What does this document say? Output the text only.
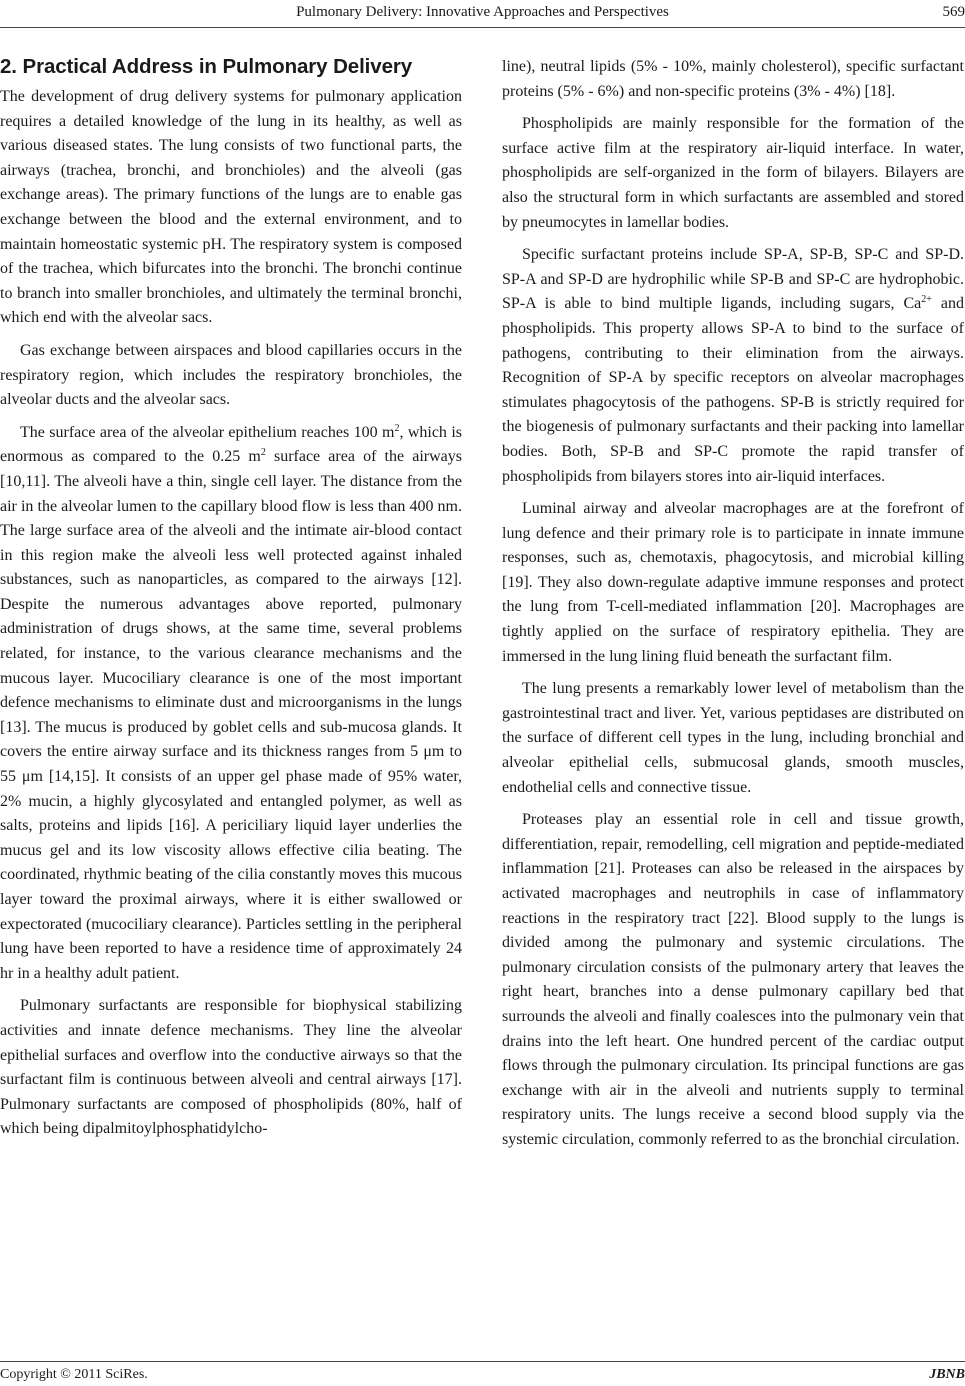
Pulmonary Delivery: Innovative Approaches and Perspectives	569
2. Practical Address in Pulmonary Delivery

The development of drug delivery systems for pulmonary application requires a detailed knowledge of the lung in its healthy, as well as various diseased states. The lung consists of two functional parts, the airways (trachea, bronchi, and bronchioles) and the alveoli (gas exchange areas). The primary functions of the lungs are to enable gas exchange between the blood and the external environment, and to maintain homeostatic systemic pH. The respiratory system is composed of the trachea, which bifurcates into the bronchi. The bronchi continue to branch into smaller bronchioles, and ultimately the terminal bronchi, which end with the alveolar sacs.

Gas exchange between airspaces and blood capillaries occurs in the respiratory region, which includes the respiratory bronchioles, the alveolar ducts and the alveolar sacs.

The surface area of the alveolar epithelium reaches 100 $m^2$, which is enormous as compared to the 0.25 $m^2$ surface area of the airways [10,11]. The alveoli have a thin, single cell layer. The distance from the air in the alveolar lumen to the capillary blood flow is less than 400 nm. The large surface area of the alveoli and the intimate air-blood contact in this region make the alveoli less well protected against inhaled substances, such as nanoparticles, as compared to the airways [12]. Despite the numerous advantages above reported, pulmonary administration of drugs shows, at the same time, several problems related, for instance, to the various clearance mechanisms and the mucous layer. Mucociliary clearance is one of the most important defence mechanisms to eliminate dust and microorganisms in the lungs [13]. The mucus is produced by goblet cells and sub-mucosa glands. It covers the entire airway surface and its thickness ranges from 5 μm to 55 μm [14,15]. It consists of an upper gel phase made of 95% water, 2% mucin, a highly glycosylated and entangled polymer, as well as salts, proteins and lipids [16]. A periciliary liquid layer underlies the mucus gel and its low viscosity allows effective cilia beating. The coordinated, rhythmic beating of the cilia constantly moves this mucous layer toward the proximal airways, where it is either swallowed or expectorated (mucociliary clearance). Particles settling in the peripheral lung have been reported to have a residence time of approximately 24 hr in a healthy adult patient.

Pulmonary surfactants are responsible for biophysical stabilizing activities and innate defence mechanisms. They line the alveolar epithelial surfaces and overflow into the conductive airways so that the surfactant film is continuous between alveoli and central airways [17]. Pulmonary surfactants are composed of phospholipids (80%, half of which being dipalmitoylphosphatidylcho-

line), neutral lipids (5% - 10%, mainly cholesterol), specific surfactant proteins (5% - 6%) and non-specific proteins (3% - 4%) [18].

Phospholipids are mainly responsible for the formation of the surface active film at the respiratory air-liquid interface. In water, phospholipids are self-organized in the form of bilayers. Bilayers are also the structural form in which surfactants are assembled and stored by pneumocytes in lamellar bodies.

Specific surfactant proteins include SP-A, SP-B, SP-C and SP-D. SP-A and SP-D are hydrophilic while SP-B and SP-C are hydrophobic. SP-A is able to bind multiple ligands, including sugars, $Ca^{2+}$ and phospholipids. This property allows SP-A to bind to the surface of pathogens, contributing to their elimination from the airways. Recognition of SP-A by specific receptors on alveolar macrophages stimulates phagocytosis of the pathogens. SP-B is strictly required for the biogenesis of pulmonary surfactants and their packing into lamellar bodies. Both, SP-B and SP-C promote the rapid transfer of phospholipids from bilayers stores into air-liquid interfaces.

Luminal airway and alveolar macrophages are at the forefront of lung defence and their primary role is to participate in innate immune responses, such as, chemotaxis, phagocytosis, and microbial killing [19]. They also down-regulate adaptive immune responses and protect the lung from T-cell-mediated inflammation [20]. Macrophages are tightly applied on the surface of respiratory epithelia. They are immersed in the lung lining fluid beneath the surfactant film.

The lung presents a remarkably lower level of metabolism than the gastrointestinal tract and liver. Yet, various peptidases are distributed on the surface of different cell types in the lung, including bronchial and alveolar epithelial cells, submucosal glands, smooth muscles, endothelial cells and connective tissue.

Proteases play an essential role in cell and tissue growth, differentiation, repair, remodelling, cell migration and peptide-mediated inflammation [21]. Proteases can also be released in the airspaces by activated macrophages and neutrophils in case of inflammatory reactions in the respiratory tract [22]. Blood supply to the lungs is divided among the pulmonary and systemic circulations. The pulmonary circulation consists of the pulmonary artery that leaves the right heart, branches into a dense pulmonary capillary bed that surrounds the alveoli and finally coalesces into the pulmonary vein that drains into the left heart. One hundred percent of the cardiac output flows through the pulmonary circulation. Its principal functions are gas exchange with air in the alveoli and nutrients supply to terminal respiratory units. The lungs receive a second blood supply via the systemic circulation, commonly referred to as the bronchial circulation.

Copyright © 2011 SciRes.	JBNB
